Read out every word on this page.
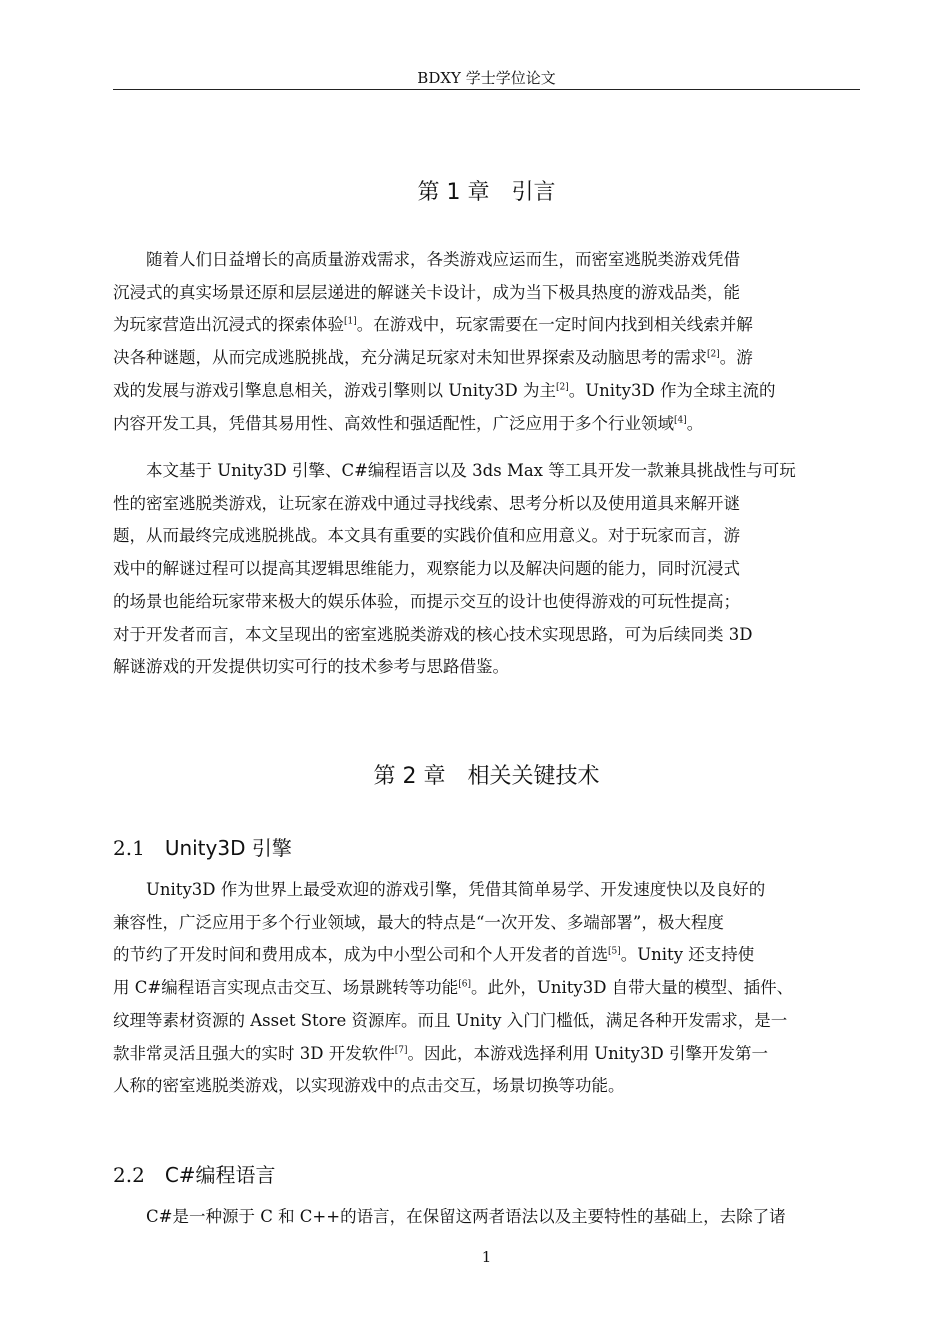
BDXY 学士学位论文
第 1 章 引言
随着人们日益增长的高质量游戏需求，各类游戏应运而生，而密室逃脱类游戏凭借
沉浸式的真实场景还原和层层递进的解谜关卡设计，成为当下极具热度的游戏品类，能
为玩家营造出沉浸式的探索体验[1]。在游戏中，玩家需要在一定时间内找到相关线索并解
决各种谜题，从而完成逃脱挑战，充分满足玩家对未知世界探索及动脑思考的需求[2]。游
戏的发展与游戏引擎息息相关，游戏引擎则以 Unity3D 为主[2]。Unity3D 作为全球主流的
内容开发工具，凭借其易用性、高效性和强适配性，广泛应用于多个行业领域[4]。
本文基于 Unity3D 引擎、C#编程语言以及 3ds Max 等工具开发一款兼具挑战性与可玩
性的密室逃脱类游戏，让玩家在游戏中通过寻找线索、思考分析以及使用道具来解开谜
题，从而最终完成逃脱挑战。本文具有重要的实践价值和应用意义。对于玩家而言，游
戏中的解谜过程可以提高其逻辑思维能力，观察能力以及解决问题的能力，同时沉浸式
的场景也能给玩家带来极大的娱乐体验，而提示交互的设计也使得游戏的可玩性提高；
对于开发者而言，本文呈现出的密室逃脱类游戏的核心技术实现思路，可为后续同类 3D
解谜游戏的开发提供切实可行的技术参考与思路借鉴。
第 2 章 相关关键技术
2.1 Unity3D 引擎
Unity3D 作为世界上最受欢迎的游戏引擎，凭借其简单易学、开发速度快以及良好的
兼容性，广泛应用于多个行业领域，最大的特点是“一次开发、多端部署”，极大程度
的节约了开发时间和费用成本，成为中小型公司和个人开发者的首选[5]。Unity 还支持使
用 C#编程语言实现点击交互、场景跳转等功能[6]。此外，Unity3D 自带大量的模型、插件、
纹理等素材资源的 Asset Store 资源库。而且 Unity 入门门槛低，满足各种开发需求，是一
款非常灵活且强大的实时 3D 开发软件[7]。因此，本游戏选择利用 Unity3D 引擎开发第一
人称的密室逃脱类游戏，以实现游戏中的点击交互，场景切换等功能。
2.2 C#编程语言
C#是一种源于 C 和 C++的语言，在保留这两者语法以及主要特性的基础上，去除了诸
1
